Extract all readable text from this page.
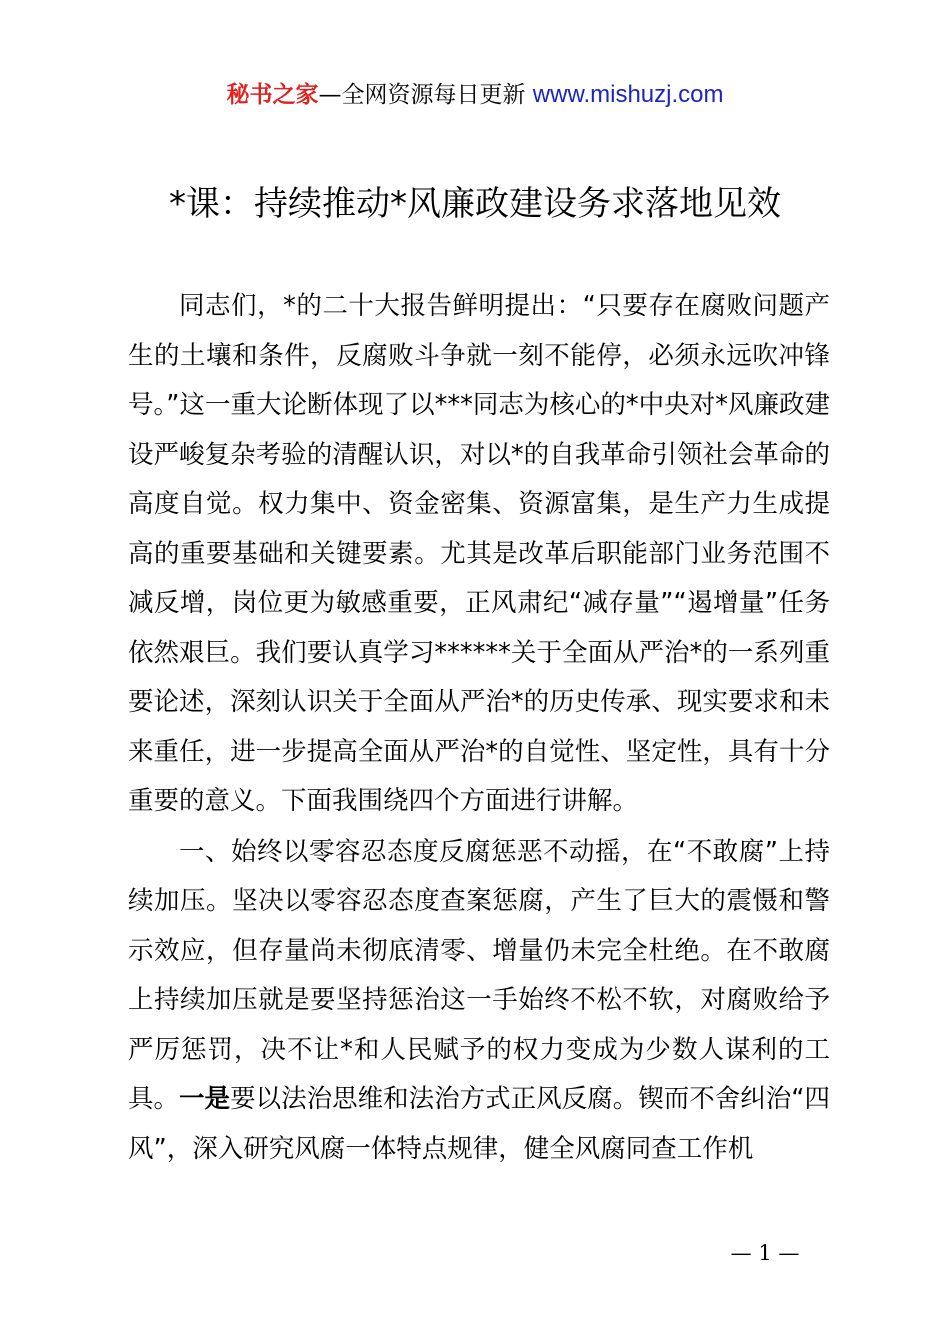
秘书之家—全网资源每日更新 www.mishuzj.com
*课：持续推动*风廉政建设务求落地见效

同志们，*的二十大报告鲜明提出：“只要存在腐败问题产生的土壤和条件，反腐败斗争就一刻不能停，必须永远吹冲锋号。”这一重大论断体现了以***同志为核心的*中央对*风廉政建设严峻复杂考验的清醒认识，对以*的自我革命引领社会革命的高度自觉。权力集中、资金密集、资源富集，是生产力生成提高的重要基础和关键要素。尤其是改革后职能部门业务范围不减反增，岗位更为敏感重要，正风肃纪“减存量”“遏增量”任务依然艰巨。我们要认真学习******关于全面从严治*的一系列重要论述，深刻认识关于全面从严治*的历史传承、现实要求和未来重任，进一步提高全面从严治*的自觉性、坚定性，具有十分重要的意义。下面我围绕四个方面进行讲解。

一、始终以零容忍态度反腐惩恶不动摇，在“不敢腐”上持续加压。坚决以零容忍态度查案惩腐，产生了巨大的震慑和警示效应，但存量尚未彻底清零、增量仍未完全杜绝。在不敢腐上持续加压就是要坚持惩治这一手始终不松不软，对腐败给予严厉惩罚，决不让*和人民赋予的权力变成为少数人谋利的工具。一是要以法治思维和法治方式正风反腐。锲而不舍纠治“四风”，深入研究风腐一体特点规律，健全风腐同查工作机

— 1 —
